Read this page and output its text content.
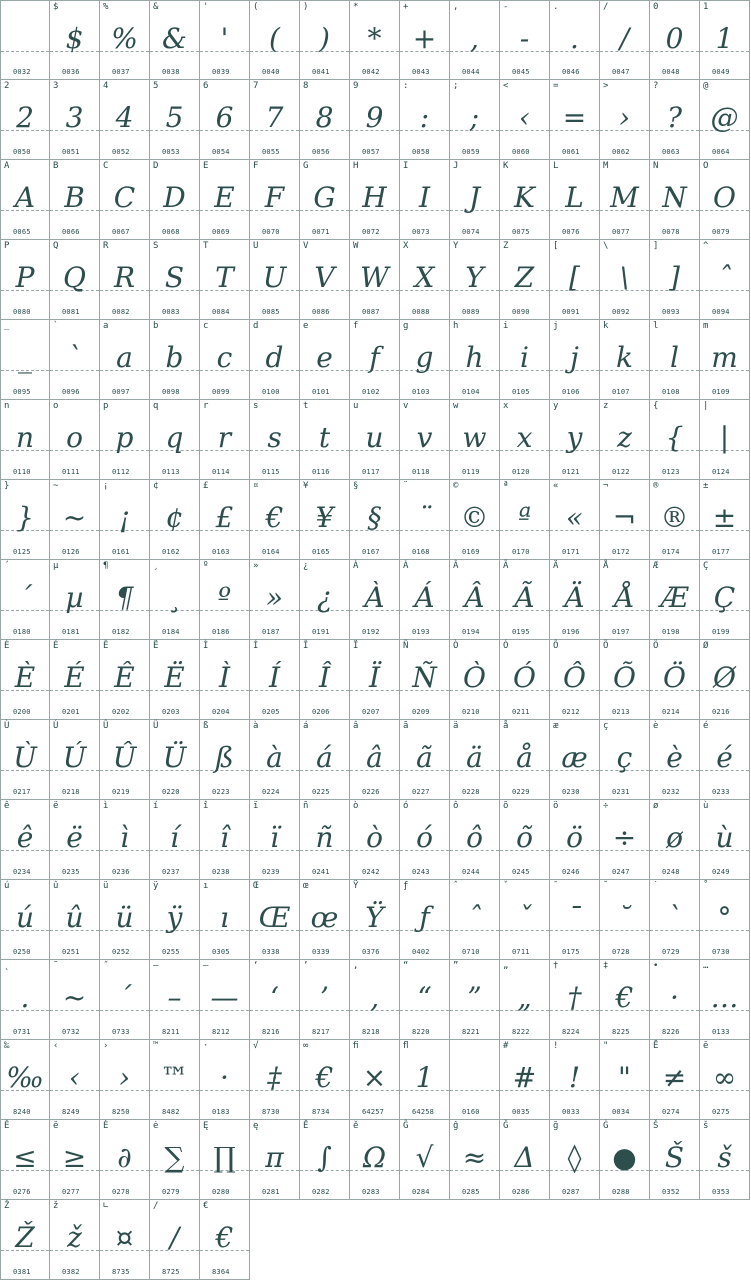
0032
$
$
0036
%
%
0037
&
&
0038
'
'
0039
(
(
0040
)
)
0041
*
*
0042
+
+
0043
,
,
0044
-
-
0045
.
.
0046
/
/
0047
0
0
0048
1
1
0049
2
2
0050
3
3
0051
4
4
0052
5
5
0053
6
6
0054
7
7
0055
8
8
0056
9
9
0057
:
:
0058
;
;
0059
<
‹
0060
=
=
0061
>
›
0062
?
?
0063
@
@
0064
A
A
0065
B
B
0066
C
C
0067
D
D
0068
E
E
0069
F
F
0070
G
G
0071
H
H
0072
I
I
0073
J
J
0074
K
K
0075
L
L
0076
M
M
0077
N
N
0078
O
O
0079
P
P
0080
Q
Q
0081
R
R
0082
S
S
0083
T
T
0084
U
U
0085
V
V
0086
W
W
0087
X
X
0088
Y
Y
0089
Z
Z
0090
[
[
0091
\
\
0092
]
]
0093
^
ˆ
0094
_
_
0095
`
`
0096
a
a
0097
b
b
0098
c
c
0099
d
d
0100
e
e
0101
f
f
0102
g
g
0103
h
h
0104
i
i
0105
j
j
0106
k
k
0107
l
l
0108
m
m
0109
n
n
0110
o
o
0111
p
p
0112
q
q
0113
r
r
0114
s
s
0115
t
t
0116
u
u
0117
v
v
0118
w
w
0119
x
x
0120
y
y
0121
z
z
0122
{
{
0123
|
|
0124
}
}
0125
~
~
0126
¡
¡
0161
¢
¢
0162
£
£
0163
¤
€
0164
¥
¥
0165
§
§
0167
¨
¨
0168
©
©
0169
ª
ª
0170
«
«
0171
¬
¬
0172
®
®
0174
±
±
0177
´
´
0180
µ
µ
0181
¶
¶
0182
¸
¸
0184
º
º
0186
»
»
0187
¿
¿
0191
À
À
0192
Á
Á
0193
Â
Â
0194
Ã
Ã
0195
Ä
Ä
0196
Å
Å
0197
Æ
Æ
0198
Ç
Ç
0199
È
È
0200
É
É
0201
Ê
Ê
0202
Ë
Ë
0203
Ì
Ì
0204
Í
Í
0205
Î
Î
0206
Ï
Ï
0207
Ñ
Ñ
0209
Ò
Ò
0210
Ó
Ó
0211
Ô
Ô
0212
Õ
Õ
0213
Ö
Ö
0214
Ø
Ø
0216
Ù
Ù
0217
Ú
Ú
0218
Û
Û
0219
Ü
Ü
0220
ß
ß
0223
à
à
0224
á
á
0225
â
â
0226
ã
ã
0227
ä
ä
0228
å
å
0229
æ
æ
0230
ç
ç
0231
è
è
0232
é
é
0233
ê
ê
0234
ë
ë
0235
ì
ì
0236
í
í
0237
î
î
0238
ï
ï
0239
ñ
ñ
0241
ò
ò
0242
ó
ó
0243
ô
ô
0244
õ
õ
0245
ö
ö
0246
÷
÷
0247
ø
ø
0248
ù
ù
0249
ú
ú
0250
û
û
0251
ü
ü
0252
ÿ
ÿ
0255
ı
ı
0305
Œ
Œ
0338
œ
œ
0339
Ÿ
Ÿ
0376
ƒ
ƒ
0402
ˆ
ˆ
0710
ˇ
ˇ
0711
¯
¯
0175
˘
˘
0728
˙
`
0729
˚
°
0730
˛
.
0731
˜
~
0732
˝
´
0733
–
–
8211
—
—
8212
‘
‘
8216
’
’
8217
‚
‚
8218
“
“
8220
”
”
8221
„
„
8222
†
†
8224
‡
€
8225
•
·
8226
…
…
0133
‰
‰
8240
‹
‹
8249
›
›
8250
™
™
8482
·
·
0183
√
‡
8730
∞
€
8734
ﬁ
×
64257
ﬂ
1
64258	0160
#
#
0035
!
!
0033
"
"
0034
Ē
≠
0274
ē
∞
0275
Ĕ
≤
0276
ĕ
≥
0277
Ė
∂
0278
ė
∑
0279
Ę
∏
0280
ę
π
0281
Ě
∫
0282
ě
Ω
0283
Ĝ
√
0284
ĝ
≈
0285
Ğ
Δ
0286
ğ
◊
0287
Ġ
●
0288
Š
Š
0352
š
š
0353
Ž
Ž
0381
ž
ž
0382
∟
¤
8735
∕
∕
8725
€
€
8364
